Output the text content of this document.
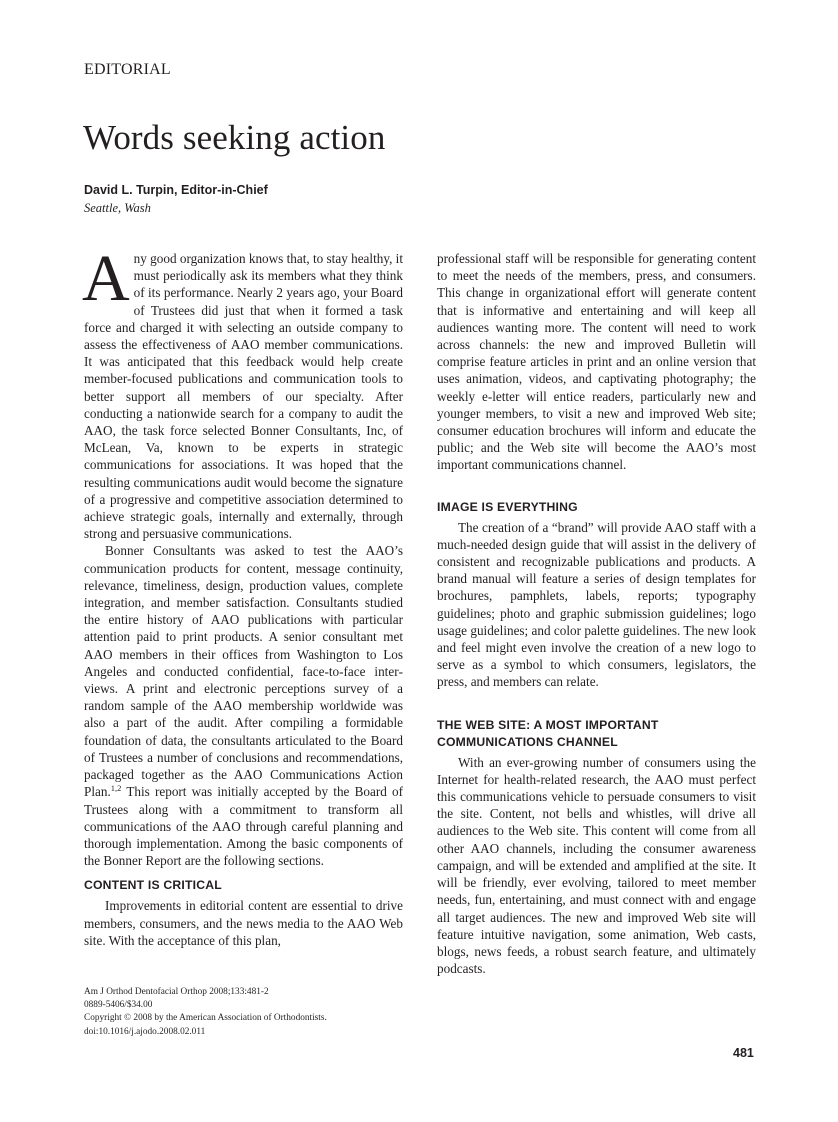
EDITORIAL
Words seeking action
David L. Turpin, Editor-in-Chief
Seattle, Wash

Any good organization knows that, to stay healthy, it must periodically ask its members what they think of its performance. Nearly 2 years ago, your Board of Trustees did just that when it formed a task force and charged it with selecting an outside company to assess the effectiveness of AAO member communications. It was anticipated that this feedback would help create member-focused publications and communication tools to better support all members of our specialty. After conducting a nationwide search for a company to audit the AAO, the task force selected Bonner Consultants, Inc, of McLean, Va, known to be experts in strategic communications for associations. It was hoped that the resulting communications audit would become the signature of a progressive and competitive association determined to achieve strategic goals, internally and externally, through strong and persuasive communications.

Bonner Consultants was asked to test the AAO’s communication products for content, message continuity, relevance, timeliness, design, production values, complete integration, and member satisfaction. Consultants studied the entire history of AAO publications with particular attention paid to print products. A senior consultant met AAO members in their offices from Washington to Los Angeles and conducted confidential, face-to-face interviews. A print and electronic perceptions survey of a random sample of the AAO membership worldwide was also a part of the audit. After compiling a formidable foundation of data, the consultants articulated to the Board of Trustees a number of conclusions and recommendations, packaged together as the AAO Communications Action Plan.$^{1,2}$ This report was initially accepted by the Board of Trustees along with a commitment to transform all communications of the AAO through careful planning and thorough implementation. Among the basic components of the Bonner Report are the following sections.

CONTENT IS CRITICAL

Improvements in editorial content are essential to drive members, consumers, and the news media to the AAO Web site. With the acceptance of this plan,

professional staff will be responsible for generating content to meet the needs of the members, press, and consumers. This change in organizational effort will generate content that is informative and entertaining and will keep all audiences wanting more. The content will need to work across channels: the new and improved Bulletin will comprise feature articles in print and an online version that uses animation, videos, and captivating photography; the weekly e-letter will entice readers, particularly new and younger members, to visit a new and improved Web site; consumer education brochures will inform and educate the public; and the Web site will become the AAO’s most important communications channel.

IMAGE IS EVERYTHING

The creation of a “brand” will provide AAO staff with a much-needed design guide that will assist in the delivery of consistent and recognizable publications and products. A brand manual will feature a series of design templates for brochures, pamphlets, labels, reports; typography guidelines; photo and graphic submission guidelines; logo usage guidelines; and color palette guidelines. The new look and feel might even involve the creation of a new logo to serve as a symbol to which consumers, legislators, the press, and members can relate.

THE WEB SITE: A MOST IMPORTANT
COMMUNICATIONS CHANNEL

With an ever-growing number of consumers using the Internet for health-related research, the AAO must perfect this communications vehicle to persuade consumers to visit the site. Content, not bells and whistles, will drive all audiences to the Web site. This content will come from all other AAO channels, including the consumer awareness campaign, and will be extended and amplified at the site. It will be friendly, ever evolving, tailored to meet member needs, fun, entertaining, and must connect with and engage all target audiences. The new and improved Web site will feature intuitive navigation, some animation, Web casts, blogs, news feeds, a robust search feature, and ultimately podcasts.

Am J Orthod Dentofacial Orthop 2008;133:481-2
0889-5406/$34.00
Copyright © 2008 by the American Association of Orthodontists.
doi:10.1016/j.ajodo.2008.02.011
481
